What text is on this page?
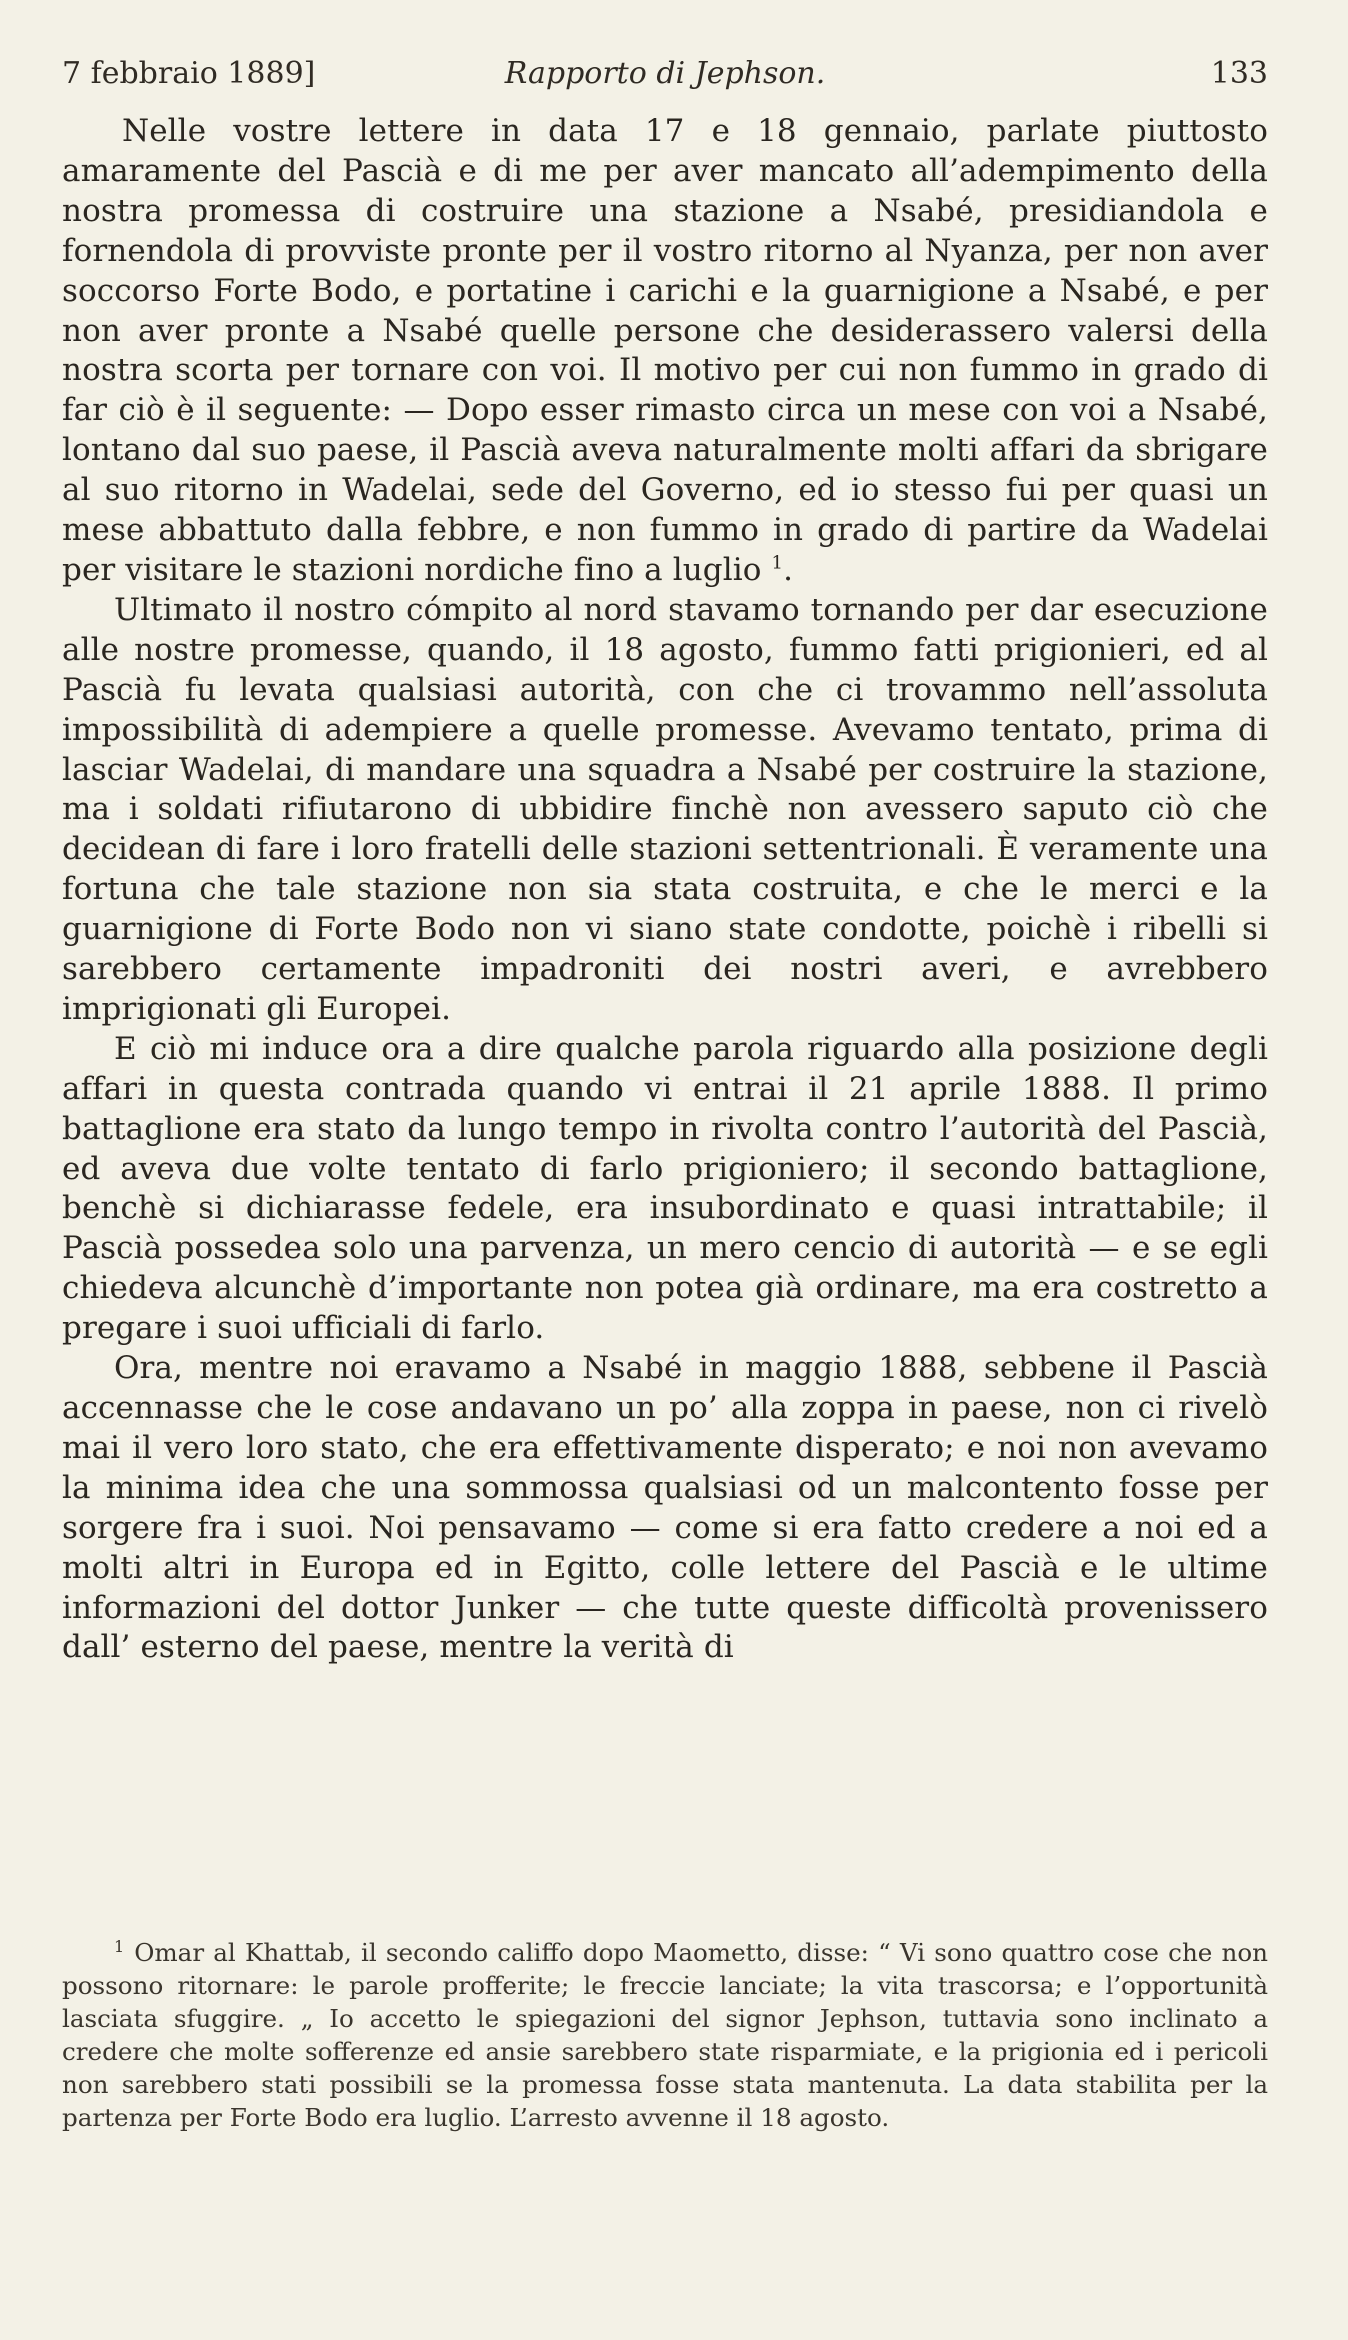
7 febbraio 1889]	Rapporto di Jephson.	133

Nelle vostre lettere in data 17 e 18 gennaio, parlate piuttosto amaramente del Pascià e di me per aver mancato all’adempimento della nostra promessa di costruire una stazione a Nsabé, presidiandola e fornendola di provviste pronte per il vostro ritorno al Nyanza, per non aver soccorso Forte Bodo, e portatine i carichi e la guarnigione a Nsabé, e per non aver pronte a Nsabé quelle persone che desiderassero valersi della nostra scorta per tornare con voi. Il motivo per cui non fummo in grado di far ciò è il seguente: — Dopo esser rimasto circa un mese con voi a Nsabé, lontano dal suo paese, il Pascià aveva naturalmente molti affari da sbrigare al suo ritorno in Wadelai, sede del Governo, ed io stesso fui per quasi un mese abbattuto dalla febbre, e non fummo in grado di partire da Wadelai per visitare le stazioni nordiche fino a luglio $^1$.

Ultimato il nostro cómpito al nord stavamo tornando per dar esecuzione alle nostre promesse, quando, il 18 agosto, fummo fatti prigionieri, ed al Pascià fu levata qualsiasi autorità, con che ci trovammo nell’assoluta impossibilità di adempiere a quelle promesse. Avevamo tentato, prima di lasciar Wadelai, di mandare una squadra a Nsabé per costruire la stazione, ma i soldati rifiutarono di ubbidire finchè non avessero saputo ciò che decidean di fare i loro fratelli delle stazioni settentrionali. È veramente una fortuna che tale stazione non sia stata costruita, e che le merci e la guarnigione di Forte Bodo non vi siano state condotte, poichè i ribelli si sarebbero certamente impadroniti dei nostri averi, e avrebbero imprigionati gli Europei.

E ciò mi induce ora a dire qualche parola riguardo alla posizione degli affari in questa contrada quando vi entrai il 21 aprile 1888. Il primo battaglione era stato da lungo tempo in rivolta contro l’autorità del Pascià, ed aveva due volte tentato di farlo prigioniero; il secondo battaglione, benchè si dichiarasse fedele, era insubordinato e quasi intrattabile; il Pascià possedea solo una parvenza, un mero cencio di autorità — e se egli chiedeva alcunchè d’importante non potea già ordinare, ma era costretto a pregare i suoi ufficiali di farlo.

Ora, mentre noi eravamo a Nsabé in maggio 1888, sebbene il Pascià accennasse che le cose andavano un po’ alla zoppa in paese, non ci rivelò mai il vero loro stato, che era effettivamente disperato; e noi non avevamo la minima idea che una sommossa qualsiasi od un malcontento fosse per sorgere fra i suoi. Noi pensavamo — come si era fatto credere a noi ed a molti altri in Europa ed in Egitto, colle lettere del Pascià e le ultime informazioni del dottor Junker — che tutte queste difficoltà provenissero dall’ esterno del paese, mentre la verità di

$^1$ Omar al Khattab, il secondo califfo dopo Maometto, disse: “ Vi sono quattro cose che non possono ritornare: le parole profferite; le freccie lanciate; la vita trascorsa; e l’opportunità lasciata sfuggire. „ Io accetto le spiegazioni del signor Jephson, tuttavia sono inclinato a credere che molte sofferenze ed ansie sarebbero state risparmiate, e la prigionia ed i pericoli non sarebbero stati possibili se la promessa fosse stata mantenuta. La data stabilita per la partenza per Forte Bodo era luglio. L’arresto avvenne il 18 agosto.
